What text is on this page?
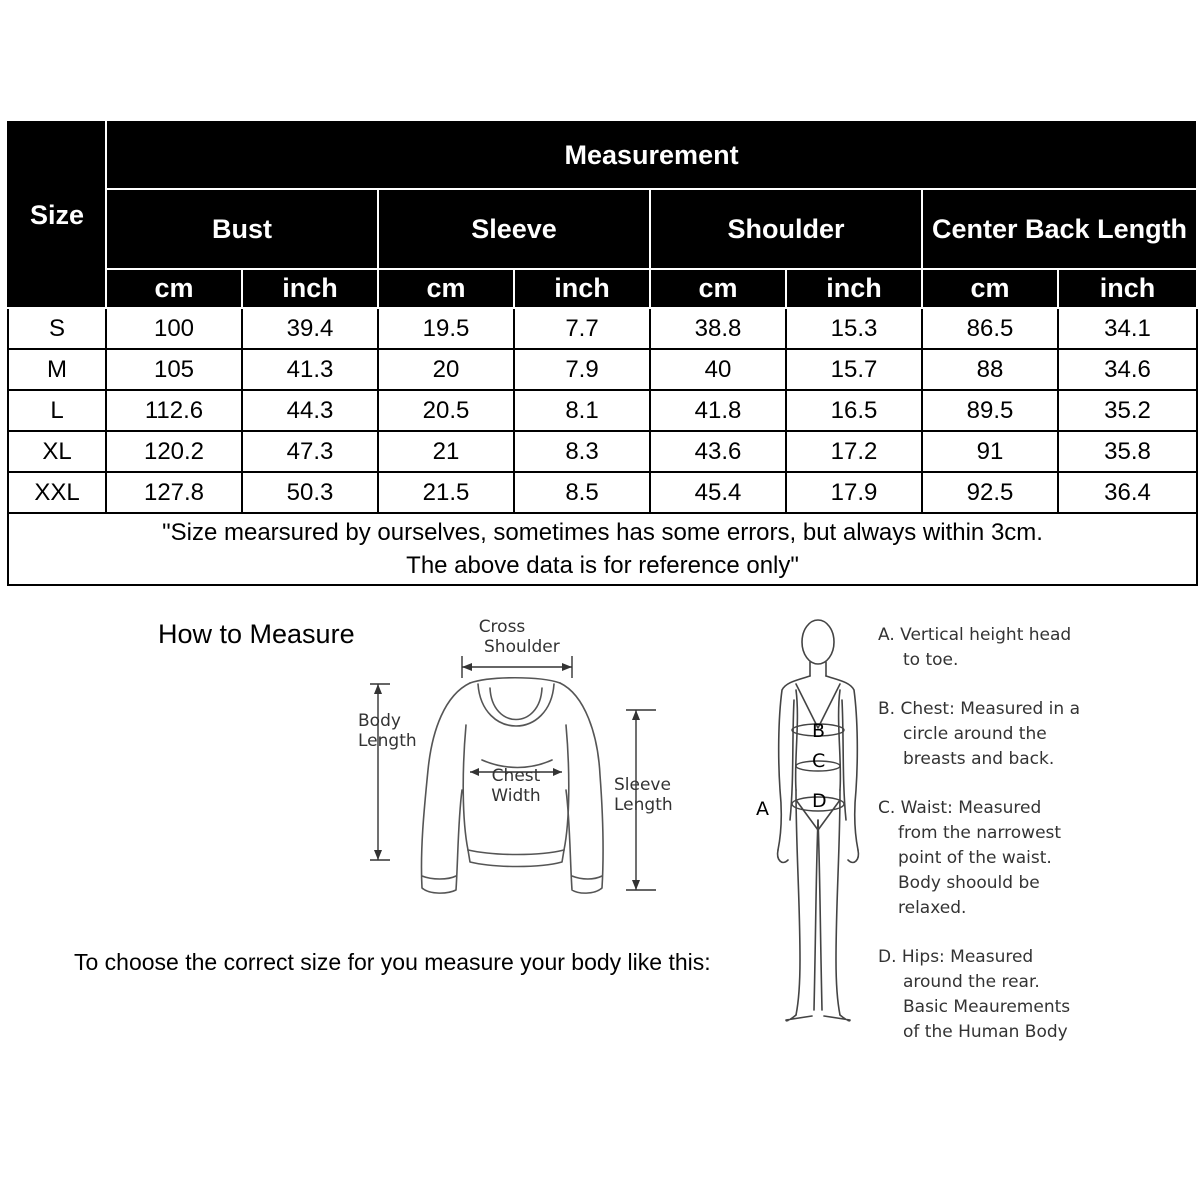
Size	Measurement							
	Bust		Sleeve		Shoulder		Center Back Length	
	cm	inch	cm	inch	cm	inch	cm	inch
S	100	39.4	19.5	7.7	38.8	15.3	86.5	34.1
M	105	41.3	20	7.9	40	15.7	88	34.6
L	112.6	44.3	20.5	8.1	41.8	16.5	89.5	35.2
XL	120.2	47.3	21	8.3	43.6	17.2	91	35.8
XXL	127.8	50.3	21.5	8.5	45.4	17.9	92.5	36.4

"Size mearsured by ourselves, sometimes has some errors, but always within 3cm.
The above data is for reference only"								
How to Measure
To choose the correct size for you measure your body like this:
Cross
Shoulder
Body
Length
Chest
Width
Sleeve
Length
B
C
D
A
A. Vertical height head
to toe.
B. Chest: Measured in a
circle around the
breasts and back.
C. Waist: Measured
from the narrowest
point of the waist.
Body shoould be
relaxed.
D. Hips: Measured
around the rear.
Basic Meaurements
of the Human Body
